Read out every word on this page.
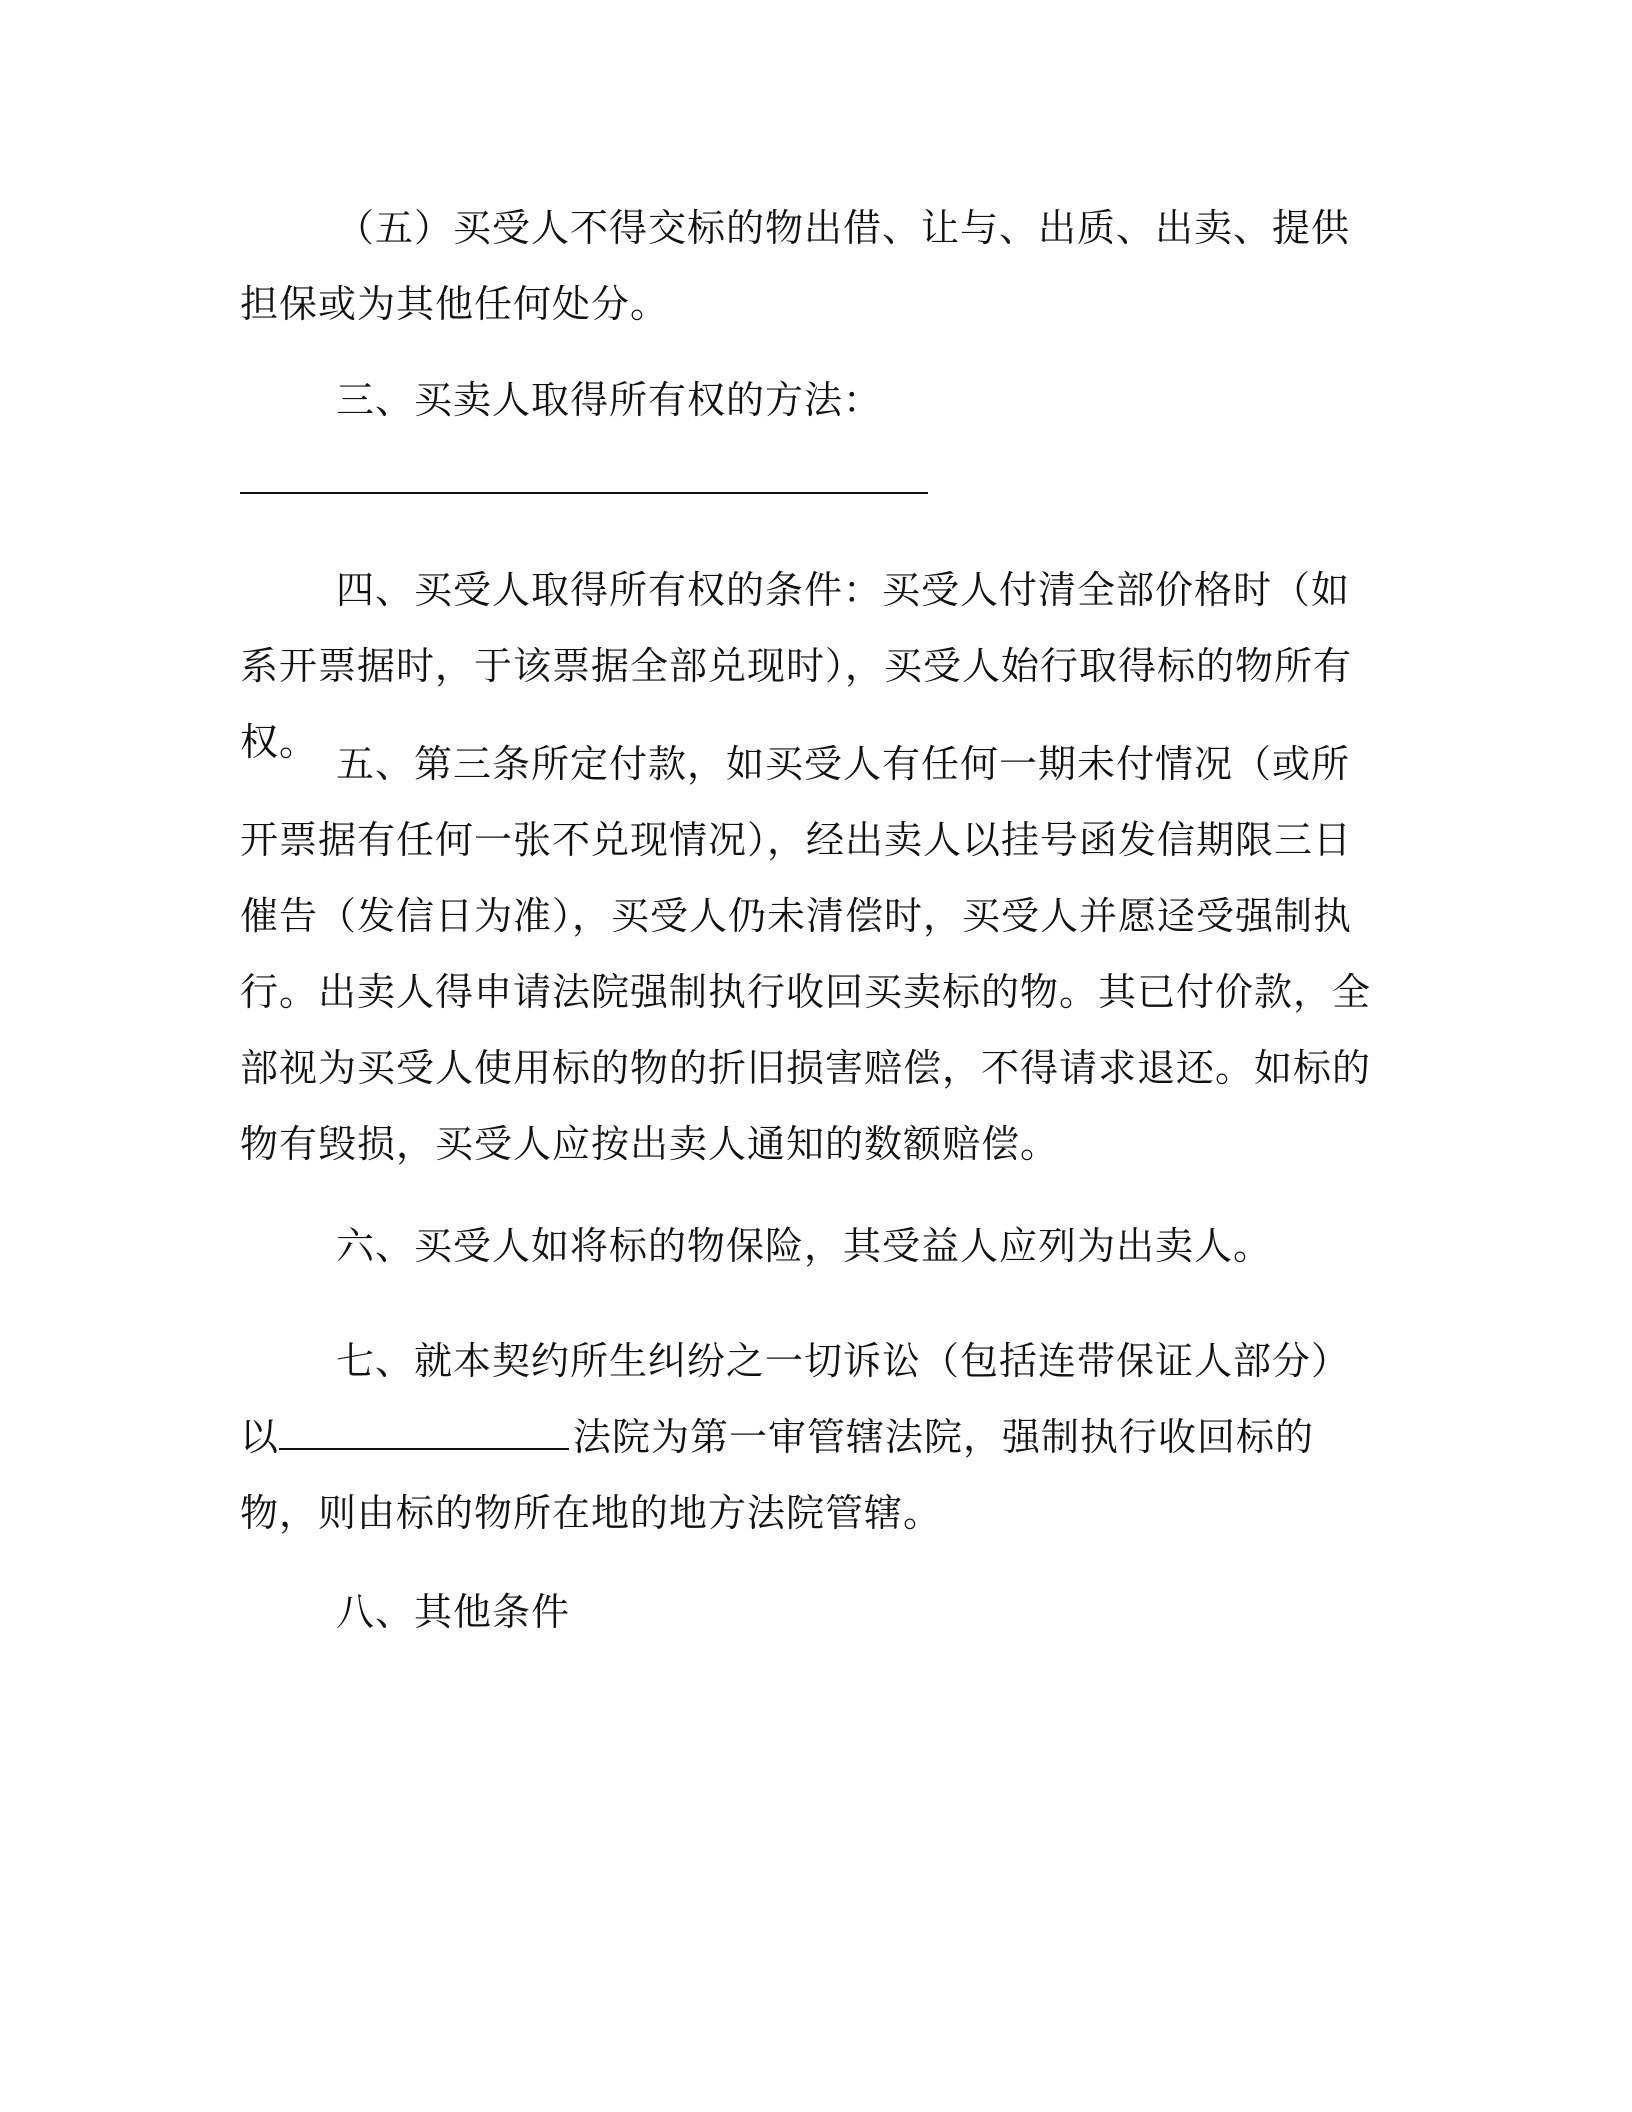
（五）买受人不得交标的物出借、让与、出质、出卖、提供担保或为其他任何处分。

三、买卖人取得所有权的方法：

四、买受人取得所有权的条件：买受人付清全部价格时（如系开票据时，于该票据全部兑现时），买受人始行取得标的物所有权。 五、第三条所定付款，如买受人有任何一期未付情况（或所开票据有任何一张不兑现情况），经出卖人以挂号函发信期限三日催告（发信日为准），买受人仍未清偿时，买受人并愿迳受强制执行。出卖人得申请法院强制执行收回买卖标的物。其已付价款，全部视为买受人使用标的物的折旧损害赔偿，不得请求退还。如标的物有毁损，买受人应按出卖人通知的数额赔偿。

六、买受人如将标的物保险，其受益人应列为出卖人。

七、就本契约所生纠纷之一切诉讼（包括连带保证人部分）以	法院为第一审管辖法院，强制执行收回标的物，则由标的物所在地的地方法院管辖。

八、其他条件
